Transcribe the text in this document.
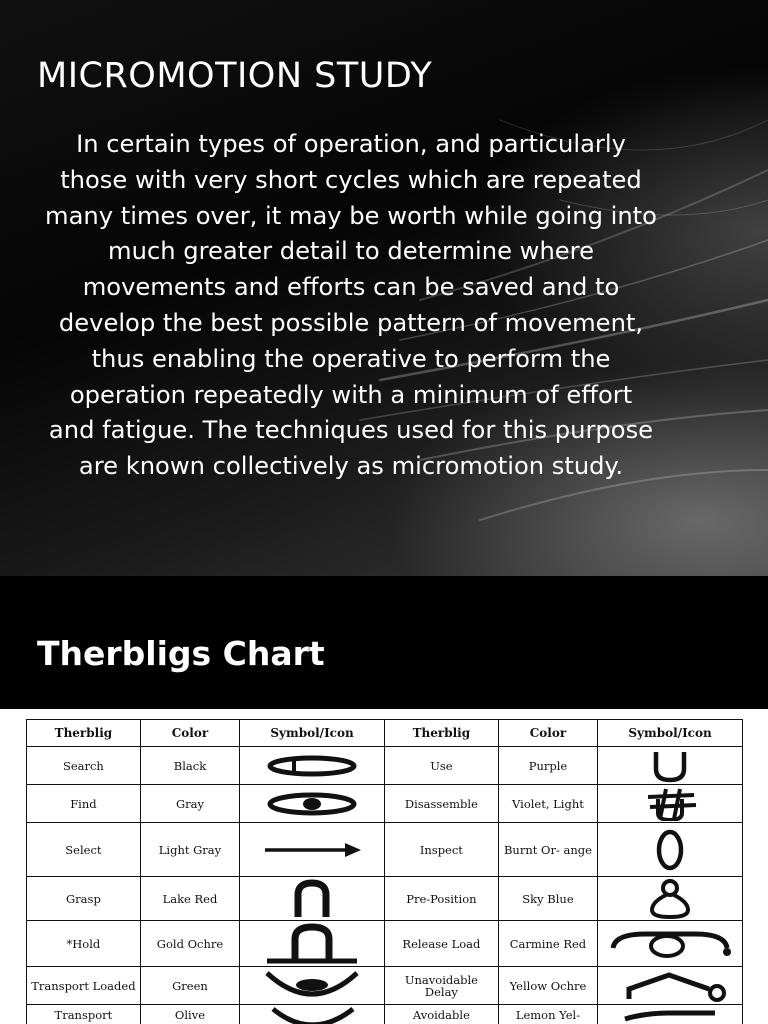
MICROMOTION STUDY
In certain types of operation, and particularly
those with very short cycles which are repeated
many times over, it may be worth while going into
much greater detail to determine where
movements and efforts can be saved and to
develop the best possible pattern of movement,
thus enabling the operative to perform the
operation repeatedly with a minimum of effort
and fatigue. The techniques used for this purpose
are known collectively as micromotion study.
Therbligs Chart
Therblig	Color	Symbol/Icon	Therblig	Color	Symbol/Icon
Search	Black		Use	Purple	

Find	Gray		Disassemble	Violet, Light	

Select	Light Gray		Inspect	Burnt Or- ange	

Grasp	Lake Red		Pre-Position	Sky Blue	

*Hold	Gold Ochre		Release Load	Carmine Red	

Transport Loaded	Green		Unavoidable Delay	Yellow Ochre	

Transport	Olive		Avoidable	Lemon Yel-	
